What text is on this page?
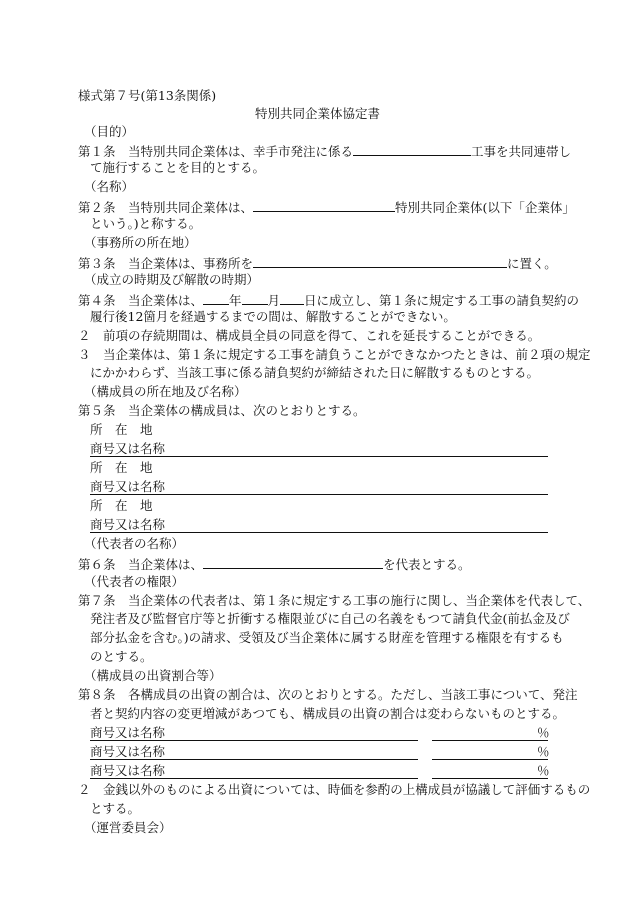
様式第７号(第13条関係)
特別共同企業体協定書
（目的）
第１条　当特別共同企業体は、幸手市発注に係る	工事を共同連帯し
て施行することを目的とする。
（名称）
第２条　当特別共同企業体は、	特別共同企業体(以下「企業体」
という。)と称する。
（事務所の所在地）
第３条　当企業体は、事務所を	に置く。
（成立の時期及び解散の時期）
第４条　当企業体は、 年 月 日に成立し、第１条に規定する工事の請負契約の
履行後12箇月を経過するまでの間は、解散することができない。
２　前項の存続期間は、構成員全員の同意を得て、これを延長することができる。
３　当企業体は、第１条に規定する工事を請負うことができなかつたときは、前２項の規定
にかかわらず、当該工事に係る請負契約が締結された日に解散するものとする。
（構成員の所在地及び名称）
第５条　当企業体の構成員は、次のとおりとする。
所　在　地
商号又は名称
所　在　地
商号又は名称
所　在　地
商号又は名称
（代表者の名称）
第６条　当企業体は、	を代表とする。
（代表者の権限）
第７条　当企業体の代表者は、第１条に規定する工事の施行に関し、当企業体を代表して、
発注者及び監督官庁等と折衝する権限並びに自己の名義をもつて請負代金(前払金及び
部分払金を含む。)の請求、受領及び当企業体に属する財産を管理する権限を有するも
のとする。
（構成員の出資割合等）
第８条　各構成員の出資の割合は、次のとおりとする。ただし、当該工事について、発注
者と契約内容の変更増減があつても、構成員の出資の割合は変わらないものとする。
商号又は名称	％
商号又は名称	％
商号又は名称	％
２　金銭以外のものによる出資については、時価を参酌の上構成員が協議して評価するもの
とする。
（運営委員会）
